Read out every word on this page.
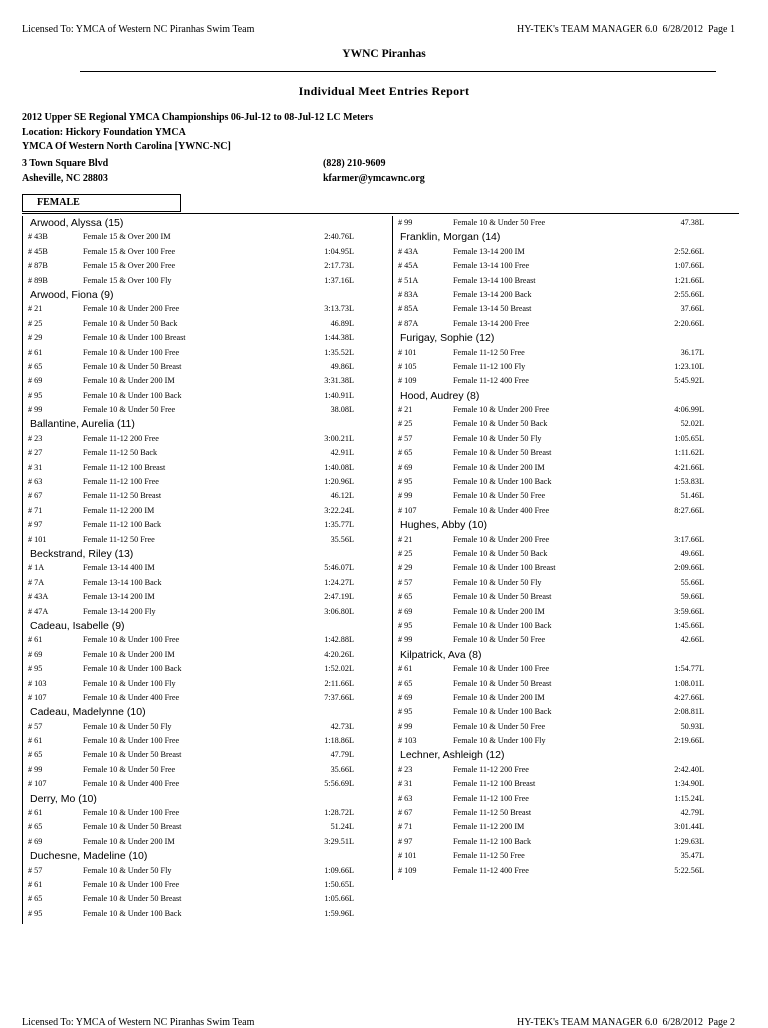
Licensed To: YMCA of Western NC Piranhas Swim Team	HY-TEK's TEAM MANAGER 6.0 6/28/2012 Page 1
YWNC Piranhas
Individual Meet Entries Report
2012 Upper SE Regional YMCA Championships 06-Jul-12 to 08-Jul-12 LC Meters
Location: Hickory Foundation YMCA
YMCA Of Western North Carolina [YWNC-NC]
3 Town Square Blvd
Asheville, NC 28803
(828) 210-9609
kfarmer@ymcawnc.org
FEMALE
Arwood, Alyssa (15)
# 43B	Female 15 & Over 200 IM	2:40.76L
# 45B	Female 15 & Over 100 Free	1:04.95L
# 87B	Female 15 & Over 200 Free	2:17.73L
# 89B	Female 15 & Over 100 Fly	1:37.16L
Arwood, Fiona (9)
# 21	Female 10 & Under 200 Free	3:13.73L
# 25	Female 10 & Under 50 Back	46.89L
# 29	Female 10 & Under 100 Breast	1:44.38L
# 61	Female 10 & Under 100 Free	1:35.52L
# 65	Female 10 & Under 50 Breast	49.86L
# 69	Female 10 & Under 200 IM	3:31.38L
# 95	Female 10 & Under 100 Back	1:40.91L
# 99	Female 10 & Under 50 Free	38.08L
Ballantine, Aurelia (11)
# 23	Female 11-12 200 Free	3:00.21L
# 27	Female 11-12 50 Back	42.91L
# 31	Female 11-12 100 Breast	1:40.08L
# 63	Female 11-12 100 Free	1:20.96L
# 67	Female 11-12 50 Breast	46.12L
# 71	Female 11-12 200 IM	3:22.24L
# 97	Female 11-12 100 Back	1:35.77L
# 101	Female 11-12 50 Free	35.56L
Beckstrand, Riley (13)
# 1A	Female 13-14 400 IM	5:46.07L
# 7A	Female 13-14 100 Back	1:24.27L
# 43A	Female 13-14 200 IM	2:47.19L
# 47A	Female 13-14 200 Fly	3:06.80L
Cadeau, Isabelle (9)
# 61	Female 10 & Under 100 Free	1:42.88L
# 69	Female 10 & Under 200 IM	4:20.26L
# 95	Female 10 & Under 100 Back	1:52.02L
# 103	Female 10 & Under 100 Fly	2:11.66L
# 107	Female 10 & Under 400 Free	7:37.66L
Cadeau, Madelynne (10)
# 57	Female 10 & Under 50 Fly	42.73L
# 61	Female 10 & Under 100 Free	1:18.86L
# 65	Female 10 & Under 50 Breast	47.79L
# 99	Female 10 & Under 50 Free	35.66L
# 107	Female 10 & Under 400 Free	5:56.69L
Derry, Mo (10)
# 61	Female 10 & Under 100 Free	1:28.72L
# 65	Female 10 & Under 50 Breast	51.24L
# 69	Female 10 & Under 200 IM	3:29.51L
Duchesne, Madeline (10)
# 57	Female 10 & Under 50 Fly	1:09.66L
# 61	Female 10 & Under 100 Free	1:50.65L
# 65	Female 10 & Under 50 Breast	1:05.66L
# 95	Female 10 & Under 100 Back	1:59.96L
# 99	Female 10 & Under 50 Free	47.38L
Franklin, Morgan (14)
# 43A	Female 13-14 200 IM	2:52.66L
# 45A	Female 13-14 100 Free	1:07.66L
# 51A	Female 13-14 100 Breast	1:21.66L
# 83A	Female 13-14 200 Back	2:55.66L
# 85A	Female 13-14 50 Breast	37.66L
# 87A	Female 13-14 200 Free	2:20.66L
Furigay, Sophie (12)
# 101	Female 11-12 50 Free	36.17L
# 105	Female 11-12 100 Fly	1:23.10L
# 109	Female 11-12 400 Free	5:45.92L
Hood, Audrey (8)
# 21	Female 10 & Under 200 Free	4:06.99L
# 25	Female 10 & Under 50 Back	52.02L
# 57	Female 10 & Under 50 Fly	1:05.65L
# 65	Female 10 & Under 50 Breast	1:11.62L
# 69	Female 10 & Under 200 IM	4:21.66L
# 95	Female 10 & Under 100 Back	1:53.83L
# 99	Female 10 & Under 50 Free	51.46L
# 107	Female 10 & Under 400 Free	8:27.66L
Hughes, Abby (10)
# 21	Female 10 & Under 200 Free	3:17.66L
# 25	Female 10 & Under 50 Back	49.66L
# 29	Female 10 & Under 100 Breast	2:09.66L
# 57	Female 10 & Under 50 Fly	55.66L
# 65	Female 10 & Under 50 Breast	59.66L
# 69	Female 10 & Under 200 IM	3:59.66L
# 95	Female 10 & Under 100 Back	1:45.66L
# 99	Female 10 & Under 50 Free	42.66L
Kilpatrick, Ava (8)
# 61	Female 10 & Under 100 Free	1:54.77L
# 65	Female 10 & Under 50 Breast	1:08.01L
# 69	Female 10 & Under 200 IM	4:27.66L
# 95	Female 10 & Under 100 Back	2:08.81L
# 99	Female 10 & Under 50 Free	50.93L
# 103	Female 10 & Under 100 Fly	2:19.66L
Lechner, Ashleigh (12)
# 23	Female 11-12 200 Free	2:42.40L
# 31	Female 11-12 100 Breast	1:34.90L
# 63	Female 11-12 100 Free	1:15.24L
# 67	Female 11-12 50 Breast	42.79L
# 71	Female 11-12 200 IM	3:01.44L
# 97	Female 11-12 100 Back	1:29.63L
# 101	Female 11-12 50 Free	35.47L
# 109	Female 11-12 400 Free	5:22.56L
Licensed To: YMCA of Western NC Piranhas Swim Team	HY-TEK's TEAM MANAGER 6.0 6/28/2012 Page 2
